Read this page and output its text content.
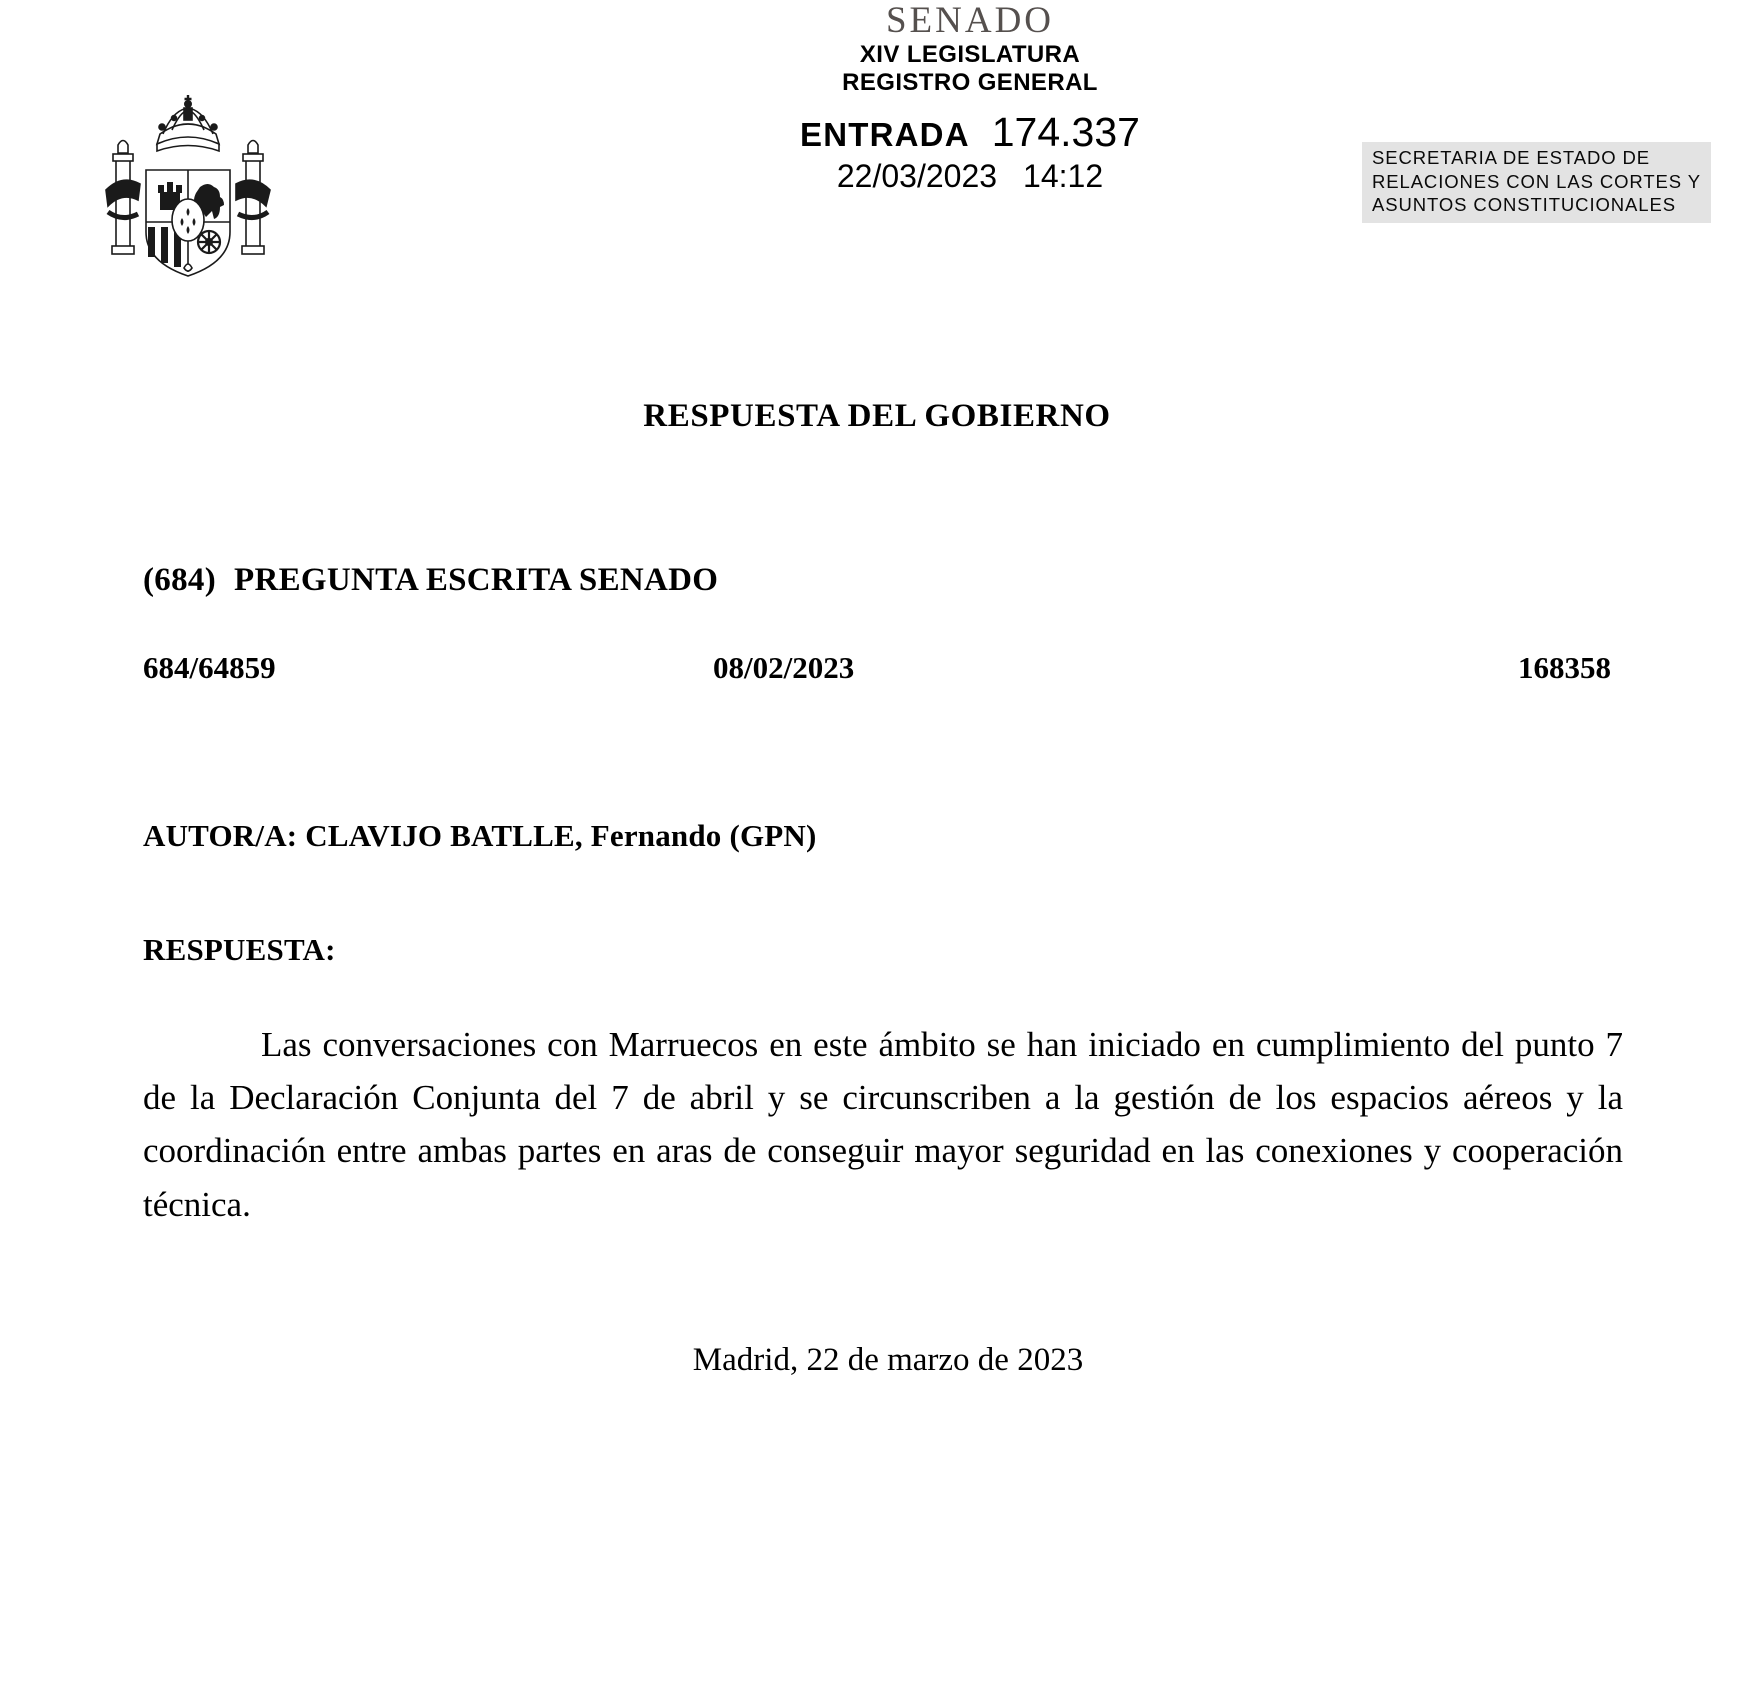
SENADO
XIV LEGISLATURA
REGISTRO GENERAL
ENTRADA 174.337
22/03/2023 14:12
SECRETARIA DE ESTADO DE
RELACIONES CON LAS CORTES Y
ASUNTOS CONSTITUCIONALES
RESPUESTA DEL GOBIERNO
(684) PREGUNTA ESCRITA SENADO
684/64859	08/02/2023	168358
AUTOR/A: CLAVIJO BATLLE, Fernando (GPN)
RESPUESTA:
Las conversaciones con Marruecos en este ámbito se han iniciado en cumplimiento del punto 7 de la Declaración Conjunta del 7 de abril y se circunscriben a la gestión de los espacios aéreos y la coordinación entre ambas partes en aras de conseguir mayor seguridad en las conexiones y cooperación técnica.
Madrid, 22 de marzo de 2023
